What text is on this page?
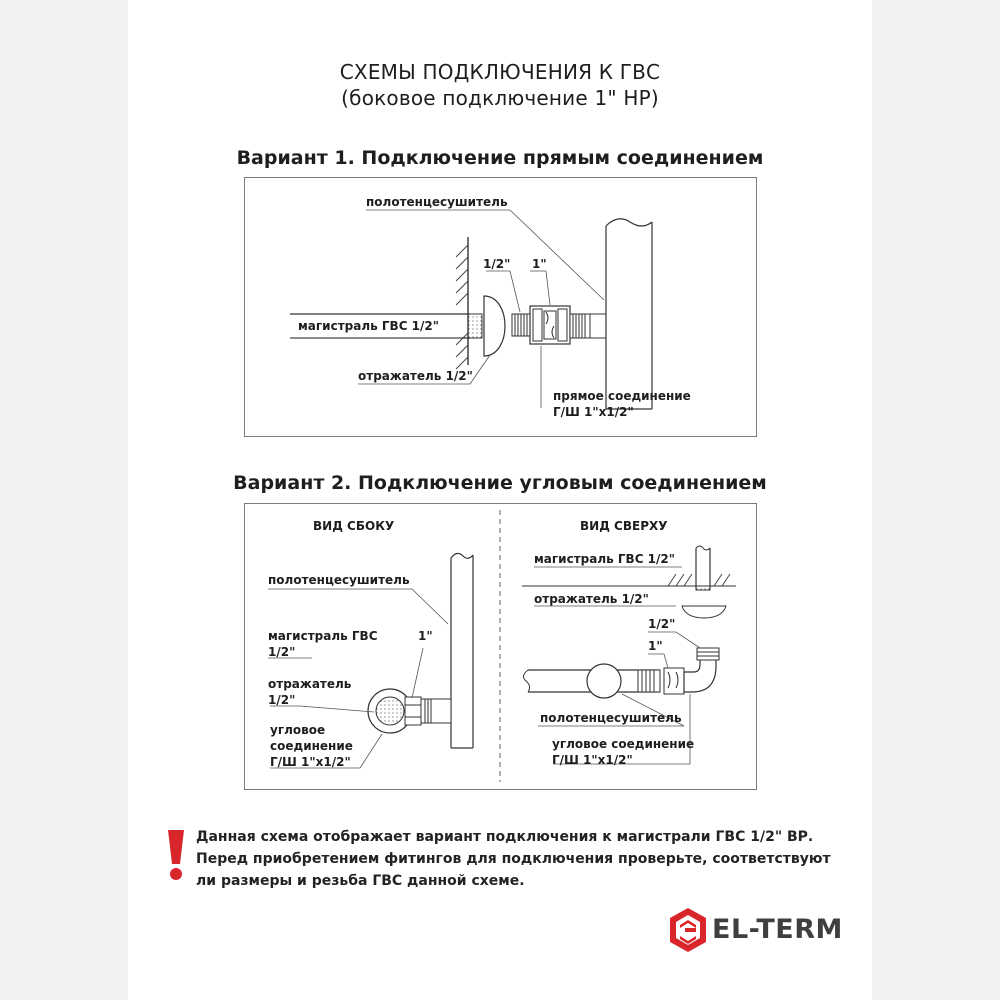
СХЕМЫ ПОДКЛЮЧЕНИЯ К ГВС
(боковое подключение 1" НР)
Вариант 1. Подключение прямым соединением
полотенцесушитель
1/2" 1"
магистраль ГВС 1/2"
отражатель 1/2"
прямое соединение
Г/Ш 1"х1/2"
Вариант 2. Подключение угловым соединением
ВИД СБОКУ
полотенцесушитель
магистраль ГВС
1/2"
1"
отражатель
1/2"
угловое
соединение
Г/Ш 1"х1/2"
ВИД СВЕРХУ
магистраль ГВС 1/2"
отражатель 1/2"
1/2"
1"
полотенцесушитель
угловое соединение
Г/Ш 1"х1/2"
Данная схема отображает вариант подключения к магистрали ГВС 1/2" ВР.
Перед приобретением фитингов для подключения проверьте, соответствуют
ли размеры и резьба ГВС данной схеме.
EL-TERM
